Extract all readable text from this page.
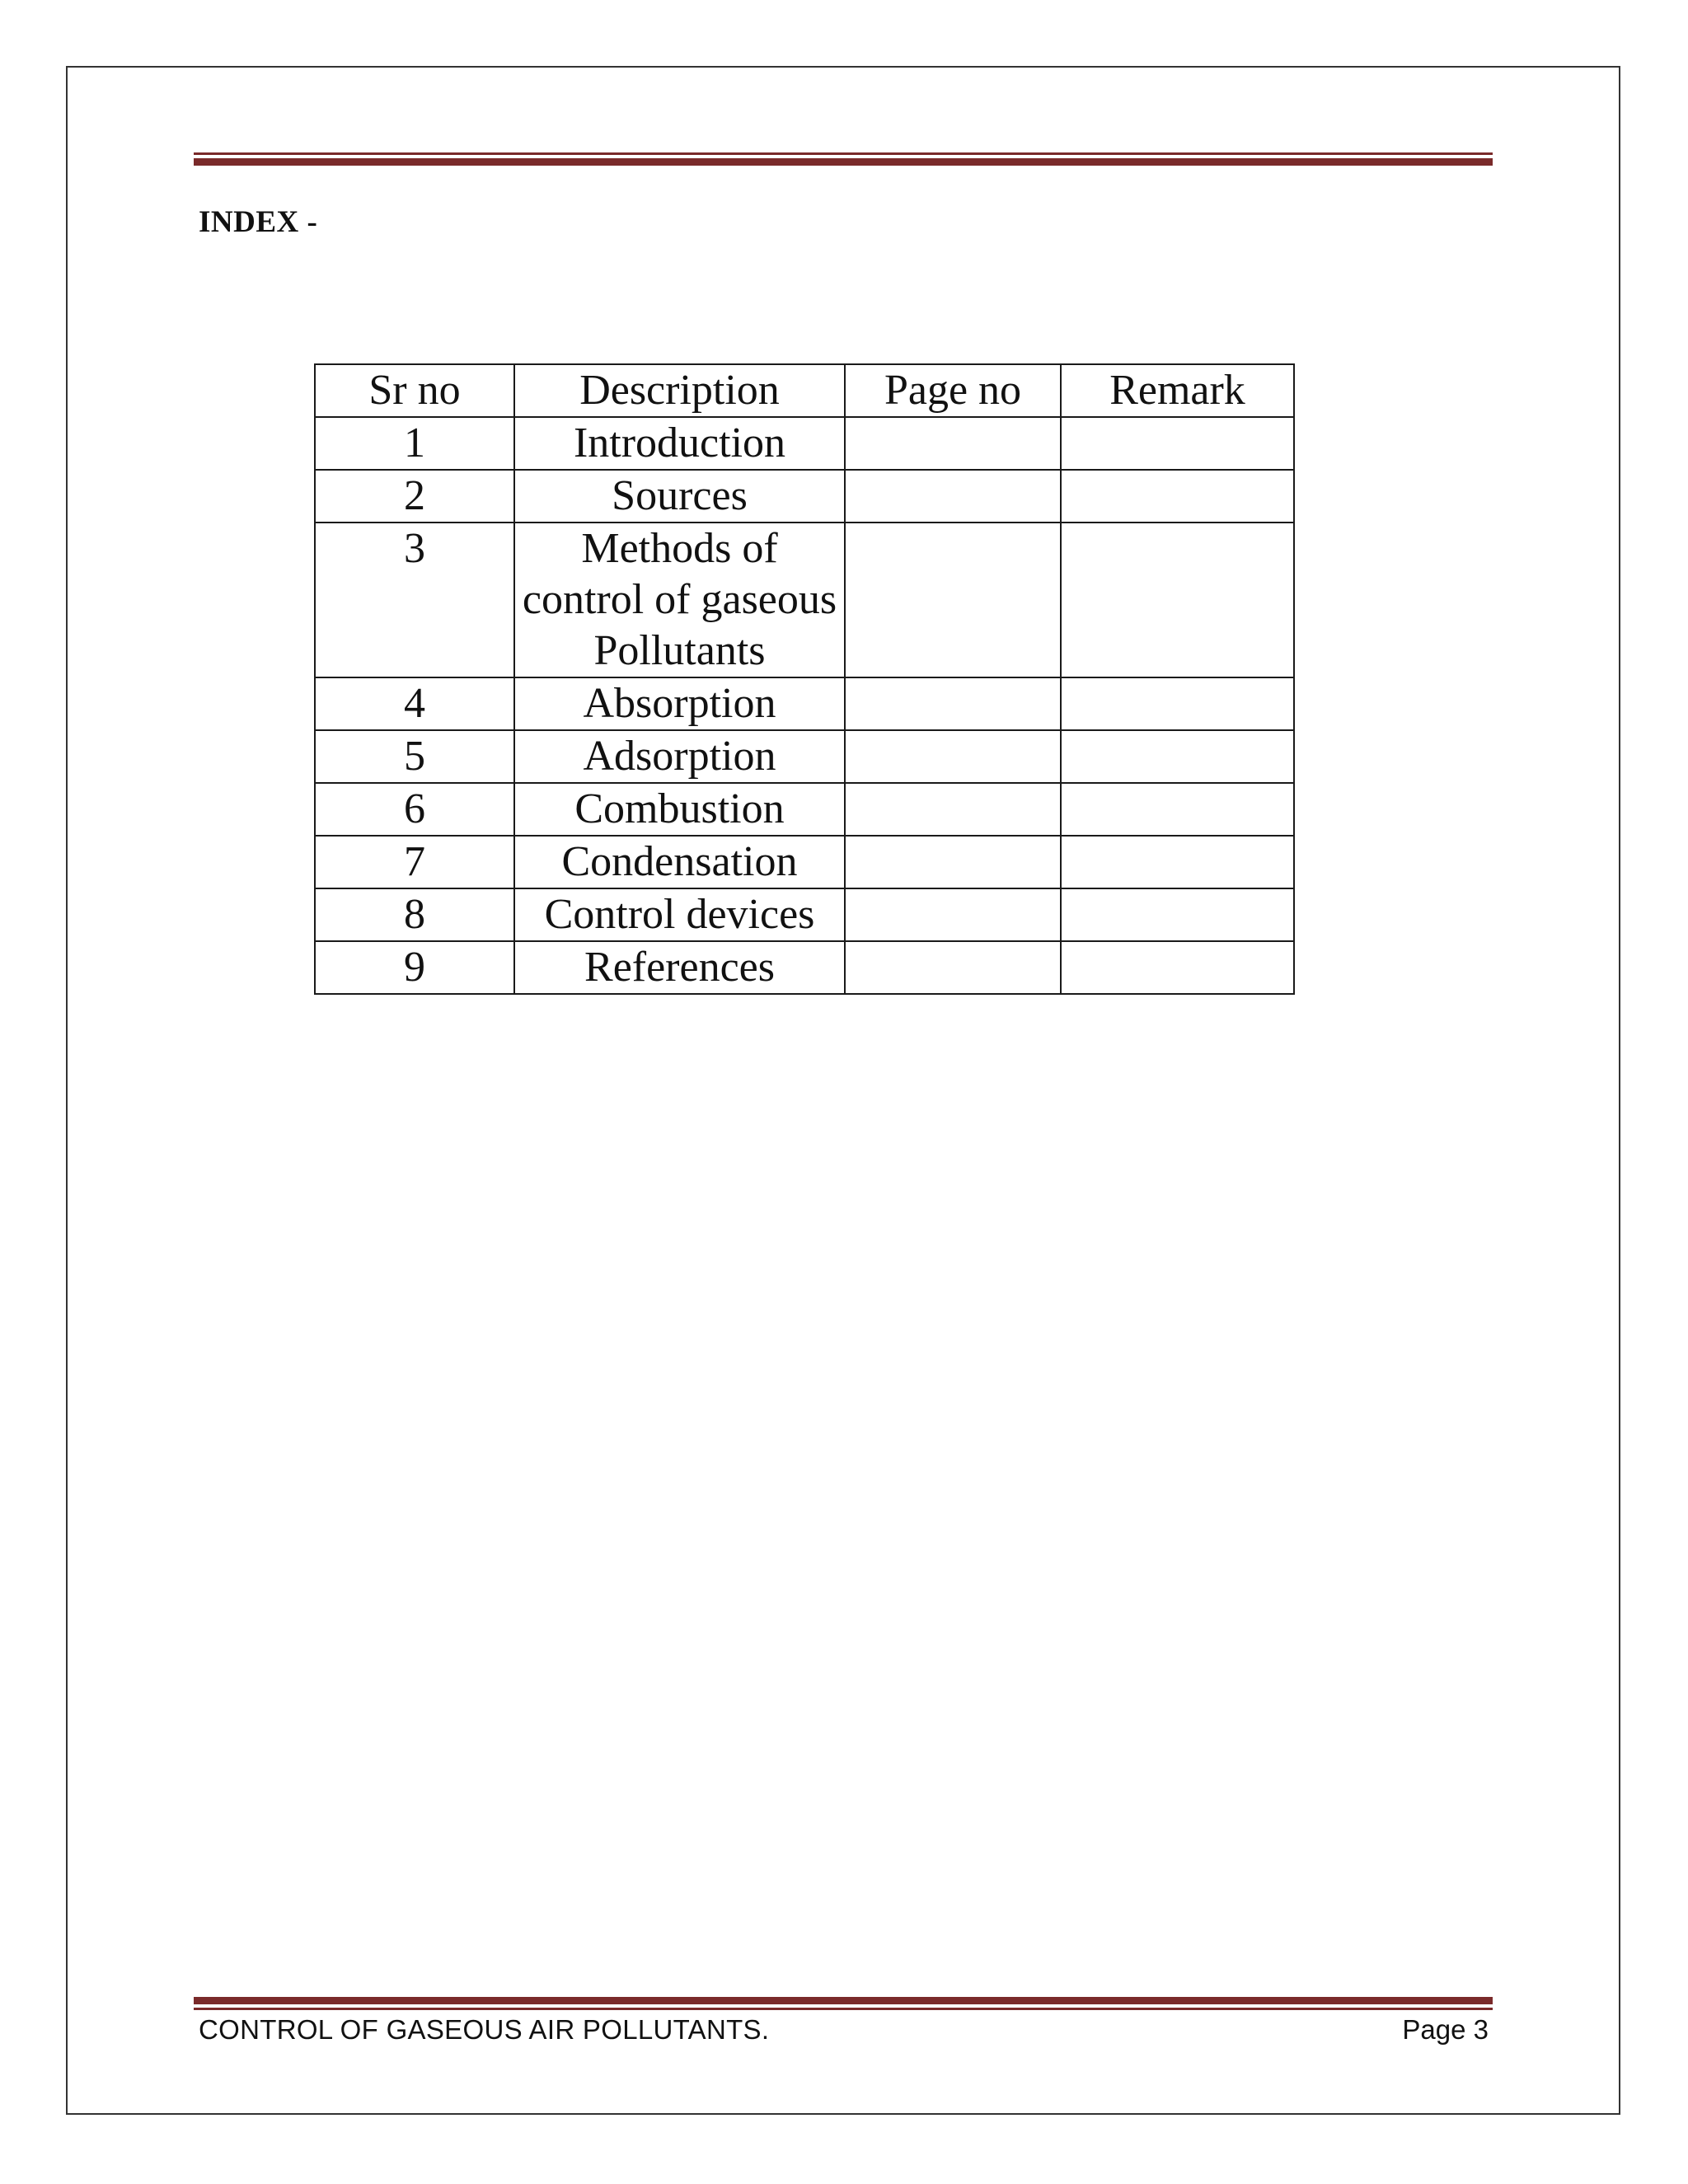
INDEX -
Sr no	Description	Page no	Remark
1	Introduction		
2	Sources		
3	Methods of control of gaseous Pollutants		
4	Absorption		
5	Adsorption		
6	Combustion		
7	Condensation		
8	Control devices		
9	References		
CONTROL OF GASEOUS AIR POLLUTANTS.	Page 3
